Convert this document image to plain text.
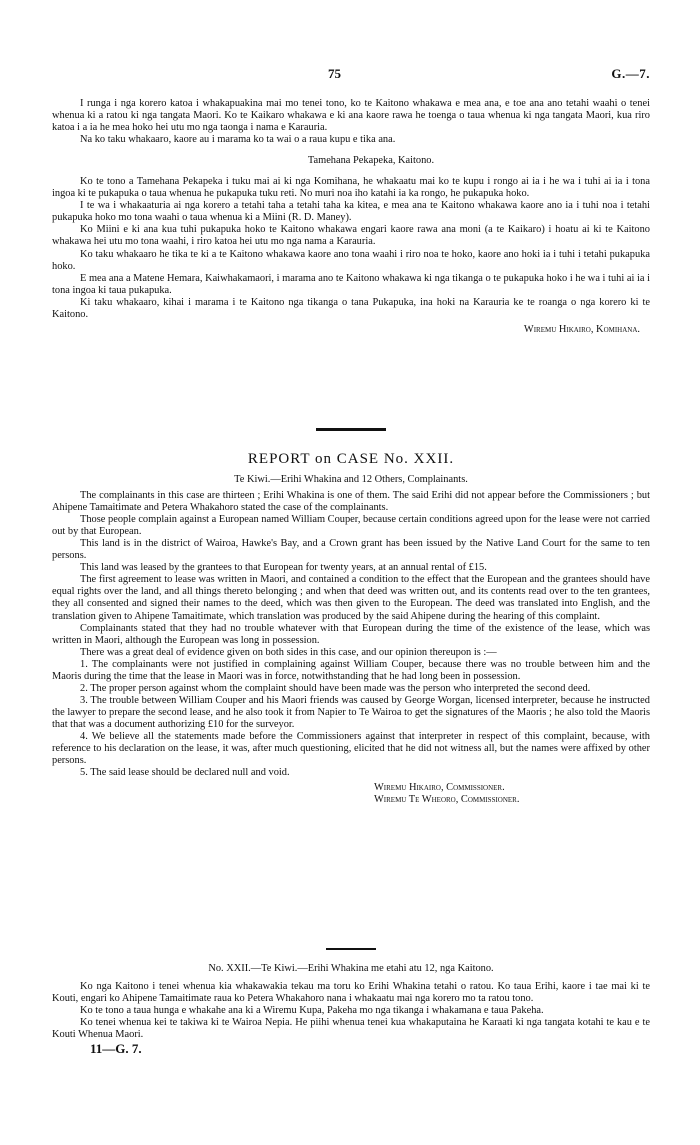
75	G.—7.

I runga i nga korero katoa i whakapuakina mai mo tenei tono, ko te Kaitono whakawa e mea ana, e toe ana ano tetahi waahi o tenei whenua ki a ratou ki nga tangata Maori. Ko te Kaikaro whakawa e ki ana kaore rawa he toenga o taua whenua ki nga tangata Maori, kua riro katoa i a ia he mea hoko hei utu mo nga taonga i nama e Karauria.

Na ko taku whakaaro, kaore au i marama ko ta wai o a raua kupu e tika ana.

Tamehana Pekapeka, Kaitono.

Ko te tono a Tamehana Pekapeka i tuku mai ai ki nga Komihana, he whakaatu mai ko te kupu i rongo ai ia i he wa i tuhi ai ia i tona ingoa ki te pukapuka o taua whenua he pukapuka tuku reti. No muri noa iho katahi ia ka rongo, he pukapuka hoko.

I te wa i whakaaturia ai nga korero a tetahi taha a tetahi taha ka kitea, e mea ana te Kaitono whakawa kaore ano ia i tuhi noa i tetahi pukapuka hoko mo tona waahi o taua whenua ki a Miini (R. D. Maney).

Ko Miini e ki ana kua tuhi pukapuka hoko te Kaitono whakawa engari kaore rawa ana moni (a te Kaikaro) i hoatu ai ki te Kaitono whakawa hei utu mo tona waahi, i riro katoa hei utu mo nga nama a Karauria.

Ko taku whakaaro he tika te ki a te Kaitono whakawa kaore ano tona waahi i riro noa te hoko, kaore ano hoki ia i tuhi i tetahi pukapuka hoko.

E mea ana a Matene Hemara, Kaiwhakamaori, i marama ano te Kaitono whakawa ki nga tikanga o te pukapuka hoko i he wa i tuhi ai ia i tona ingoa ki taua pukapuka.

Ki taku whakaaro, kihai i marama i te Kaitono nga tikanga o tana Pukapuka, ina hoki na Karauria ke te roanga o nga korero ki te Kaitono.

Wiremu Hikairo, Komihana.

REPORT on CASE No. XXII.

Te Kiwi.—Erihi Whakina and 12 Others, Complainants.

The complainants in this case are thirteen ; Erihi Whakina is one of them. The said Erihi did not appear before the Commissioners ; but Ahipene Tamaitimate and Petera Whakahoro stated the case of the complainants.

Those people complain against a European named William Couper, because certain conditions agreed upon for the lease were not carried out by that European.

This land is in the district of Wairoa, Hawke's Bay, and a Crown grant has been issued by the Native Land Court for the same to ten persons.

This land was leased by the grantees to that European for twenty years, at an annual rental of £15.

The first agreement to lease was written in Maori, and contained a condition to the effect that the European and the grantees should have equal rights over the land, and all things thereto belonging ; and when that deed was written out, and its contents read over to the ten grantees, they all consented and signed their names to the deed, which was then given to the European. The deed was translated into English, and the translation given to Ahipene Tamaitimate, which translation was produced by the said Ahipene during the hearing of this complaint.

Complainants stated that they had no trouble whatever with that European during the time of the existence of the lease, which was written in Maori, although the European was long in possession.

There was a great deal of evidence given on both sides in this case, and our opinion thereupon is :—

1. The complainants were not justified in complaining against William Couper, because there was no trouble between him and the Maoris during the time that the lease in Maori was in force, notwithstanding that he had long been in possession.

2. The proper person against whom the complaint should have been made was the person who interpreted the second deed.

3. The trouble between William Couper and his Maori friends was caused by George Worgan, licensed interpreter, because he instructed the lawyer to prepare the second lease, and he also took it from Napier to Te Wairoa to get the signatures of the Maoris ; he also told the Maoris that that was a document authorizing £10 for the surveyor.

4. We believe all the statements made before the Commissioners against that interpreter in respect of this complaint, because, with reference to his declaration on the lease, it was, after much questioning, elicited that he did not witness all, but the names were affixed by other persons.

5. The said lease should be declared null and void.

Wiremu Hikairo, Commissioner.
Wiremu Te Wheoro, Commissioner.

No. XXII.—Te Kiwi.—Erihi Whakina me etahi atu 12, nga Kaitono.

Ko nga Kaitono i tenei whenua kia whakawakia tekau ma toru ko Erihi Whakina tetahi o ratou. Ko taua Erihi, kaore i tae mai ki te Kouti, engari ko Ahipene Tamaitimate raua ko Petera Whakahoro nana i whakaatu mai nga korero mo ta ratou tono.

Ko te tono a taua hunga e whakahe ana ki a Wiremu Kupa, Pakeha mo nga tikanga i whakamana e taua Pakeha.

Ko tenei whenua kei te takiwa ki te Wairoa Nepia. He piihi whenua tenei kua whakaputaina he Karaati ki nga tangata kotahi te kau e te Kouti Whenua Maori.

11—G. 7.
